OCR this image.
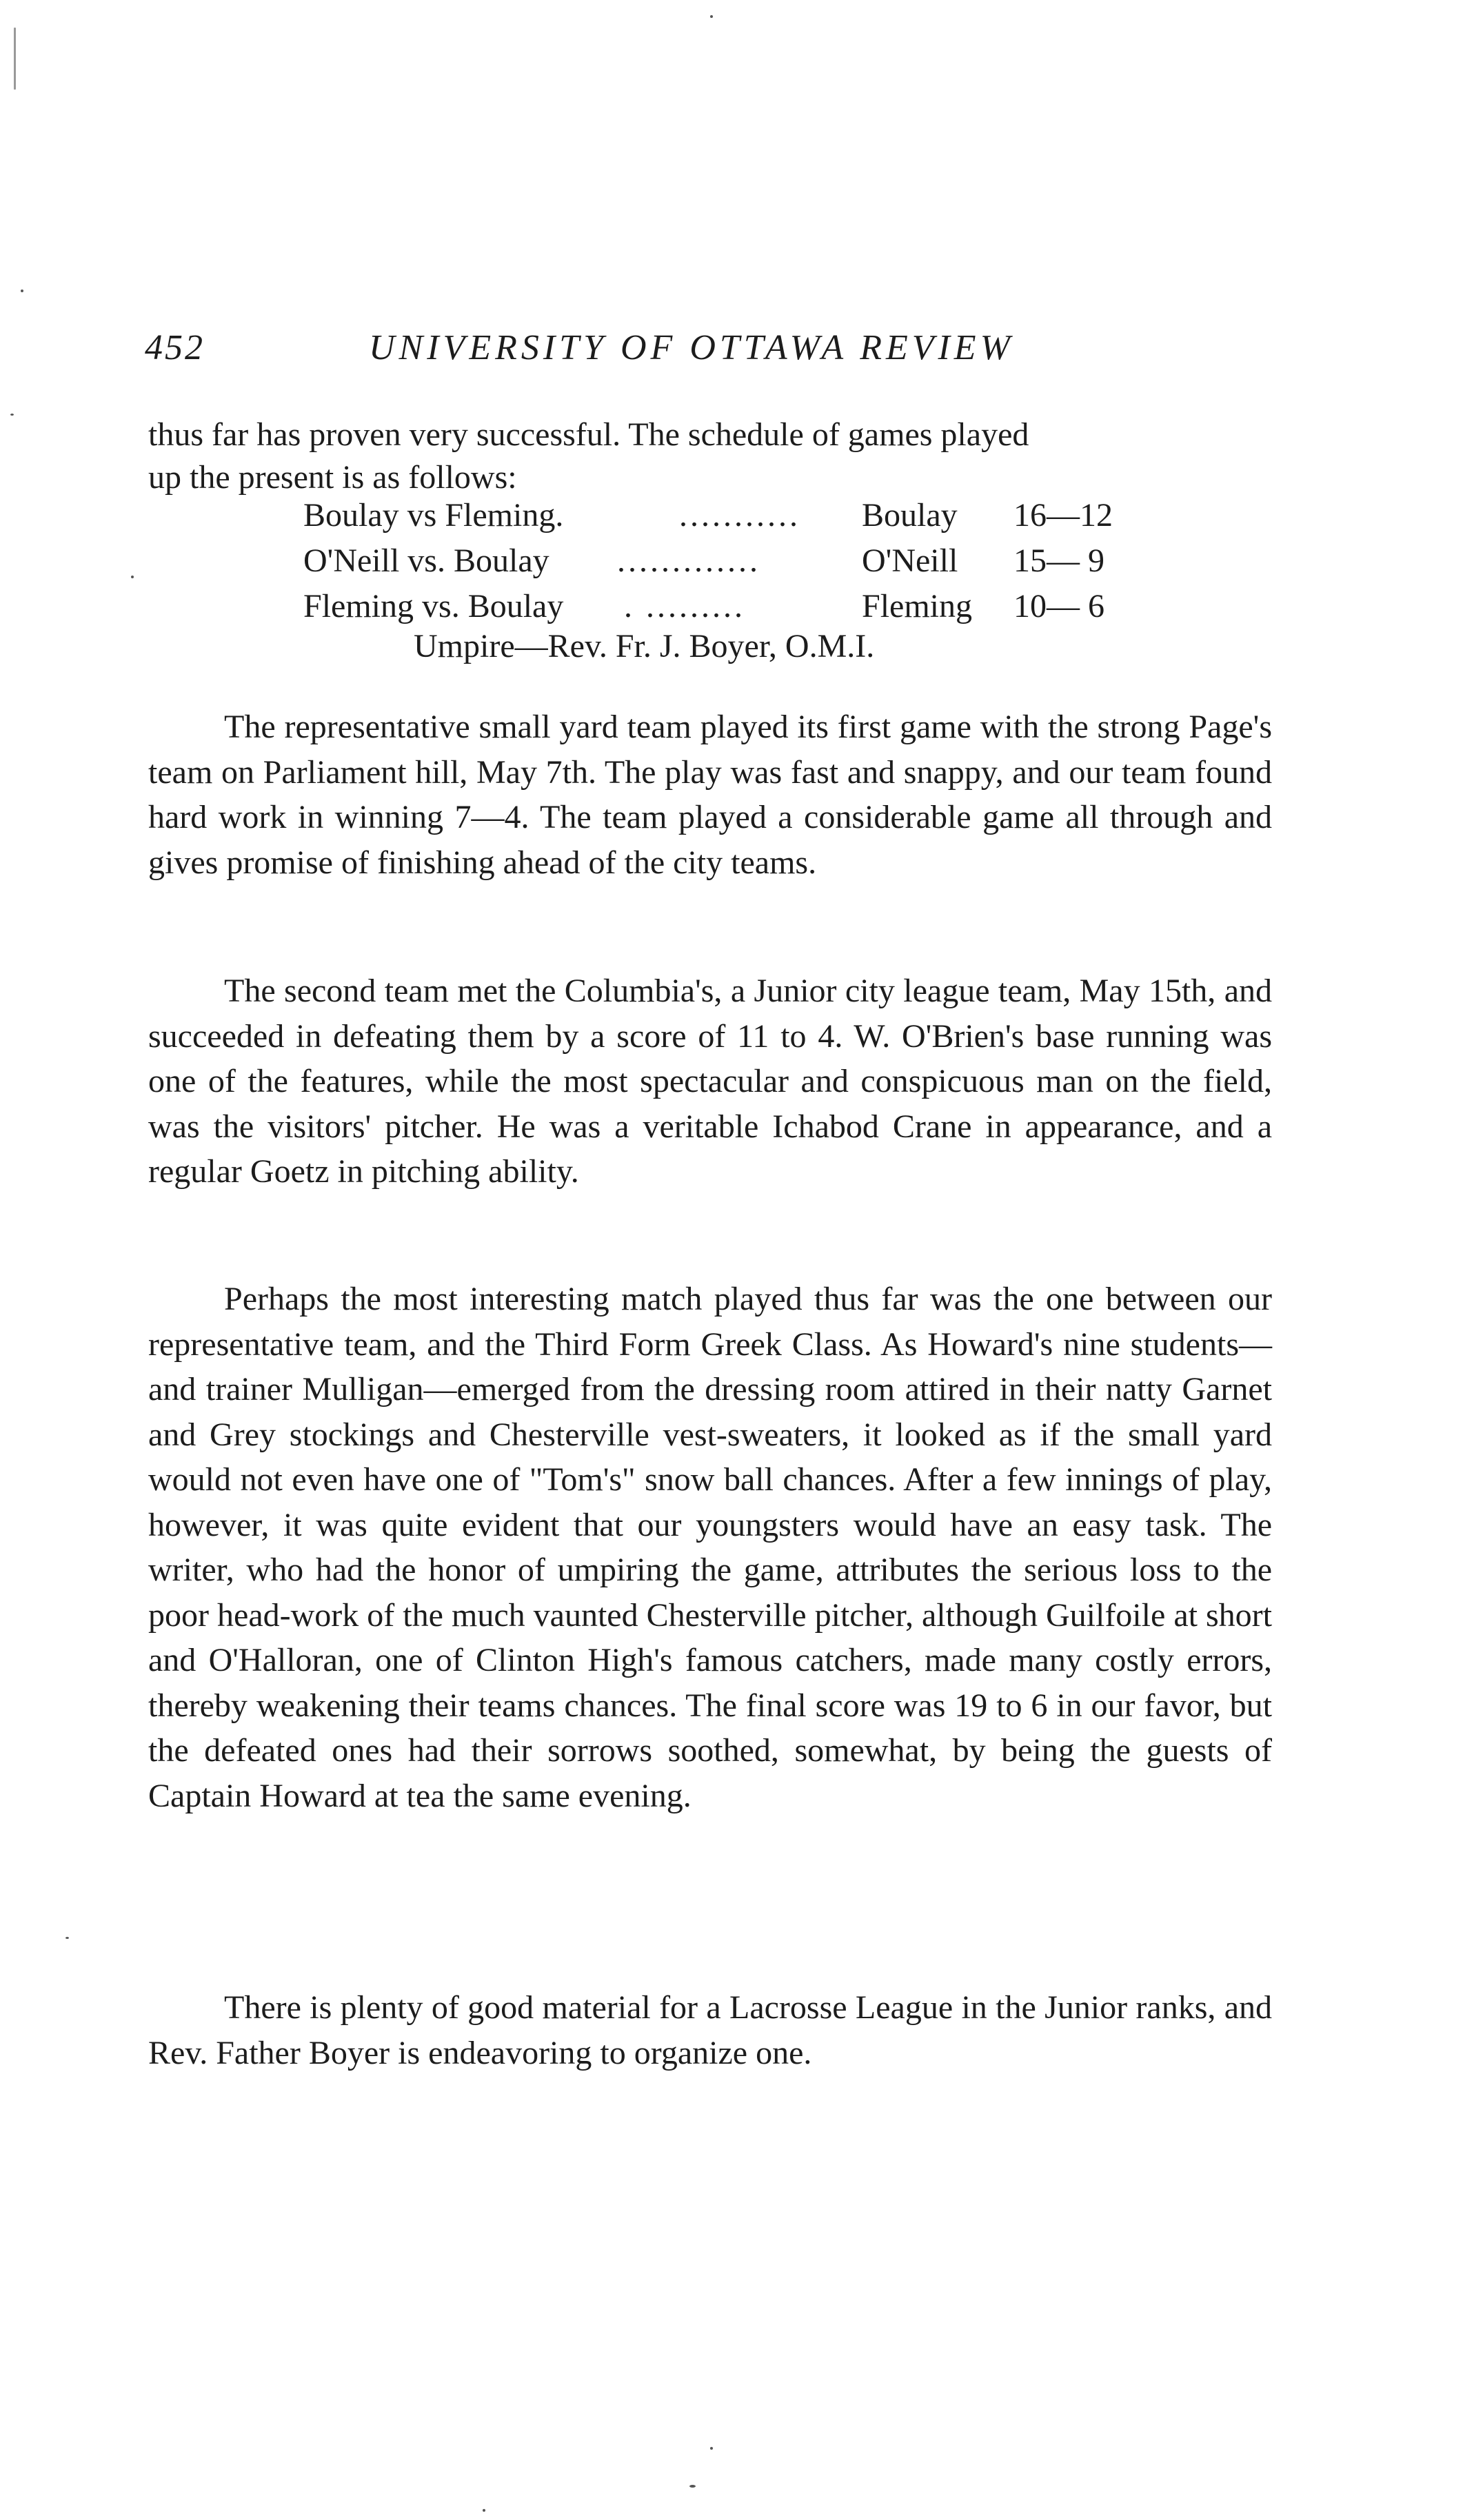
452	UNIVERSITY OF OTTAWA REVIEW
thus far has proven very successful. The schedule of games played
up the present is as follows:
Boulay vs Fleming.	........... Boulay 16—12
O'Neill vs. Boulay .............	O'Neill 15— 9
Fleming vs. Boulay . .........	Fleming 10— 6
Umpire—Rev. Fr. J. Boyer, O.M.I.

The representative small yard team played its first game with the strong Page's team on Parliament hill, May 7th. The play was fast and snappy, and our team found hard work in winning 7—4. The team played a considerable game all through and gives promise of finishing ahead of the city teams.

The second team met the Columbia's, a Junior city league team, May 15th, and succeeded in defeating them by a score of 11 to 4. W. O'Brien's base running was one of the features, while the most spectacular and conspicuous man on the field, was the visitors' pitcher. He was a veritable Ichabod Crane in appearance, and a regular Goetz in pitching ability.

Perhaps the most interesting match played thus far was the one between our representative team, and the Third Form Greek Class. As Howard's nine students—and trainer Mulligan—emerged from the dressing room attired in their natty Garnet and Grey stockings and Chesterville vest-sweaters, it looked as if the small yard would not even have one of "Tom's" snow ball chances. After a few innings of play, however, it was quite evident that our youngsters would have an easy task. The writer, who had the honor of umpiring the game, attributes the serious loss to the poor head-work of the much vaunted Chesterville pitcher, although Guilfoile at short and O'Halloran, one of Clinton High's famous catchers, made many costly errors, thereby weakening their teams chances. The final score was 19 to 6 in our favor, but the defeated ones had their sorrows soothed, somewhat, by being the guests of Captain Howard at tea the same evening.

There is plenty of good material for a Lacrosse League in the Junior ranks, and Rev. Father Boyer is endeavoring to organize one.
